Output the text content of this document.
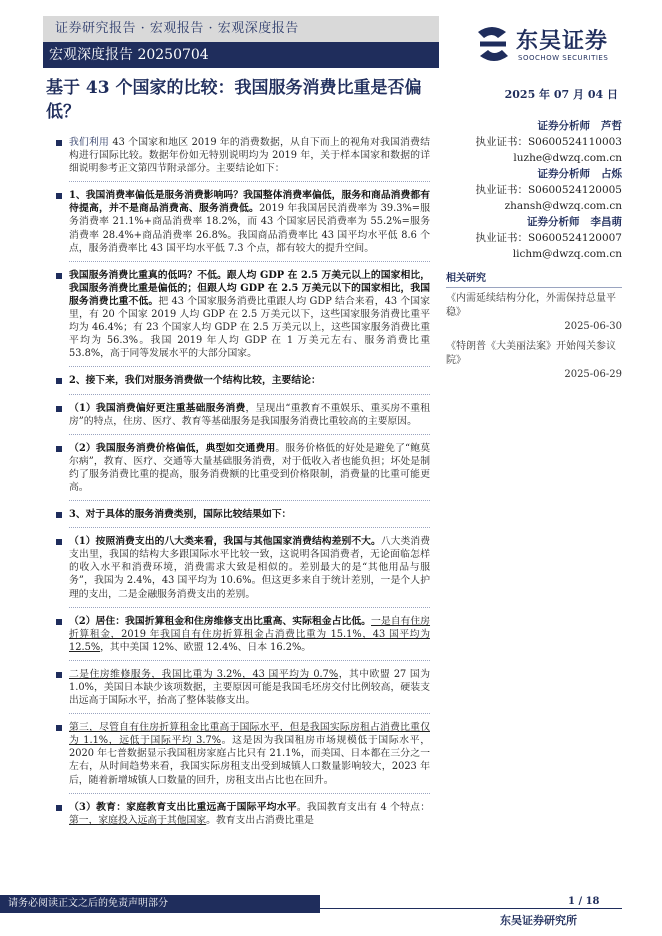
证券研究报告 · 宏观报告 · 宏观深度报告
宏观深度报告 20250704
东吴证券
SOOCHOW SECURITIES
基于 43 个国家的比较：我国服务消费比重是否偏低？
2025 年 07 月 04 日
证券分析师 芦哲
执业证书：S0600524110003
luzhe@dwzq.com.cn
证券分析师 占烁
执业证书：S0600524120005
zhansh@dwzq.com.cn
证券分析师 李昌萌
执业证书：S0600524120007
lichm@dwzq.com.cn
相关研究
《内需延续结构分化，外需保持总量平稳》
2025-06-30
《特朗普《大美丽法案》开始闯关参议院》
2025-06-29

我们利用 43 个国家和地区 2019 年的消费数据，从自下而上的视角对我国消费结构进行国际比较。数据年份如无特别说明均为 2019 年，关于样本国家和数据的详细说明参考正文第四节附录部分。主要结论如下：

1、我国消费率偏低是服务消费影响吗？我国整体消费率偏低，服务和商品消费都有待提高，并不是商品消费高、服务消费低。2019 年我国居民消费率为 39.3%=服务消费率 21.1%+商品消费率 18.2%，而 43 个国家居民消费率为 55.2%=服务消费率 28.4%+商品消费率 26.8%。我国商品消费率比 43 国平均水平低 8.6 个点，服务消费率比 43 国平均水平低 7.3 个点，都有较大的提升空间。

我国服务消费比重真的低吗？不低。跟人均 GDP 在 2.5 万美元以上的国家相比，我国服务消费比重是偏低的；但跟人均 GDP 在 2.5 万美元以下的国家相比，我国服务消费比重不低。把 43 个国家服务消费比重跟人均 GDP 结合来看，43 个国家里，有 20 个国家 2019 人均 GDP 在 2.5 万美元以下，这些国家服务消费比重平均为 46.4%；有 23 个国家人均 GDP 在 2.5 万美元以上，这些国家服务消费比重平均为 56.3%。我国 2019 年人均 GDP 在 1 万美元左右、服务消费比重 53.8%，高于同等发展水平的大部分国家。

2、接下来，我们对服务消费做一个结构比较，主要结论：

（1）我国消费偏好更注重基础服务消费，呈现出“重教育不重娱乐、重买房不重租房”的特点，住房、医疗、教育等基础服务是我国服务消费比重较高的主要原因。

（2）我国服务消费价格偏低，典型如交通费用。服务价格低的好处是避免了“鲍莫尔病”，教育、医疗、交通等大量基础服务消费，对于低收入者也能负担；坏处是制约了服务消费比重的提高，服务消费额的比重受到价格限制，消费量的比重可能更高。

3、对于具体的服务消费类别，国际比较结果如下：

（1）按照消费支出的八大类来看，我国与其他国家消费结构差别不大。八大类消费支出里，我国的结构大多跟国际水平比较一致，这说明各国消费者，无论面临怎样的收入水平和消费环境，消费需求大致是相似的。差别最大的是“其他用品与服务”，我国为 2.4%，43 国平均为 10.6%。但这更多来自于统计差别，一是个人护理的支出，二是金融服务消费支出的差别。

（2）居住：我国折算租金和住房维修支出比重高、实际租金占比低。一是自有住房折算租金，2019 年我国自有住房折算租金占消费比重为 15.1%，43 国平均为 12.5%，其中美国 12%、欧盟 12.4%、日本 16.2%。

二是住房维修服务，我国比重为 3.2%，43 国平均为 0.7%，其中欧盟 27 国为 1.0%，美国日本缺少该项数据，主要原因可能是我国毛坯房交付比例较高，硬装支出远高于国际水平，抬高了整体装修支出。

第三，尽管自有住房折算租金比重高于国际水平，但是我国实际房租占消费比重仅为 1.1%，远低于国际平均 3.7%。这是因为我国租房市场规模低于国际水平，2020 年七普数据显示我国租房家庭占比只有 21.1%，而美国、日本都在三分之一左右，从时间趋势来看，我国实际房租支出受到城镇人口数量影响较大，2023 年后，随着新增城镇人口数量的回升，房租支出占比也在回升。

（3）教育：家庭教育支出比重远高于国际平均水平。我国教育支出有 4 个特点：第一，家庭投入远高于其他国家。教育支出占消费比重是

1 / 18
请务必阅读正文之后的免责声明部分
东吴证券研究所
